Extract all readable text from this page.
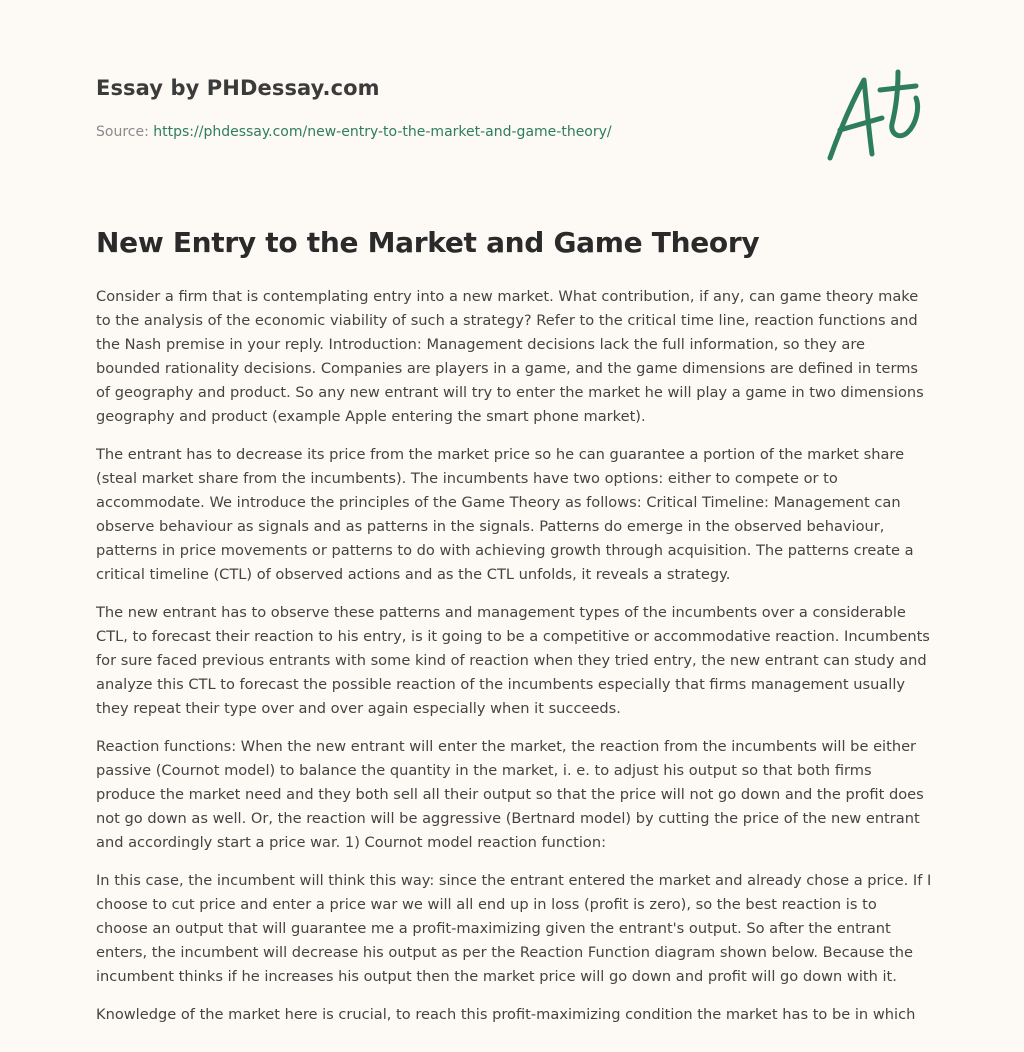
Essay by PHDessay.com
Source: https://phdessay.com/new-entry-to-the-market-and-game-theory/
New Entry to the Market and Game Theory

Consider a firm that is contemplating entry into a new market. What contribution, if any, can game theory make to the analysis of the economic viability of such a strategy? Refer to the critical time line, reaction functions and the Nash premise in your reply. Introduction: Management decisions lack the full information, so they are bounded rationality decisions. Companies are players in a game, and the game dimensions are defined in terms of geography and product. So any new entrant will try to enter the market he will play a game in two dimensions geography and product (example Apple entering the smart phone market).

The entrant has to decrease its price from the market price so he can guarantee a portion of the market share (steal market share from the incumbents). The incumbents have two options: either to compete or to accommodate. We introduce the principles of the Game Theory as follows: Critical Timeline: Management can observe behaviour as signals and as patterns in the signals. Patterns do emerge in the observed behaviour, patterns in price movements or patterns to do with achieving growth through acquisition. The patterns create a critical timeline (CTL) of observed actions and as the CTL unfolds, it reveals a strategy.

The new entrant has to observe these patterns and management types of the incumbents over a considerable CTL, to forecast their reaction to his entry, is it going to be a competitive or accommodative reaction. Incumbents for sure faced previous entrants with some kind of reaction when they tried entry, the new entrant can study and analyze this CTL to forecast the possible reaction of the incumbents especially that firms management usually they repeat their type over and over again especially when it succeeds.

Reaction functions: When the new entrant will enter the market, the reaction from the incumbents will be either passive (Cournot model) to balance the quantity in the market, i. e. to adjust his output so that both firms produce the market need and they both sell all their output so that the price will not go down and the profit does not go down as well. Or, the reaction will be aggressive (Bertnard model) by cutting the price of the new entrant and accordingly start a price war. 1) Cournot model reaction function:

In this case, the incumbent will think this way: since the entrant entered the market and already chose a price. If I choose to cut price and enter a price war we will all end up in loss (profit is zero), so the best reaction is to choose an output that will guarantee me a profit-maximizing given the entrant's output. So after the entrant enters, the incumbent will decrease his output as per the Reaction Function diagram shown below. Because the incumbent thinks if he increases his output then the market price will go down and profit will go down with it.

Knowledge of the market here is crucial, to reach this profit-maximizing condition the market has to be in which
